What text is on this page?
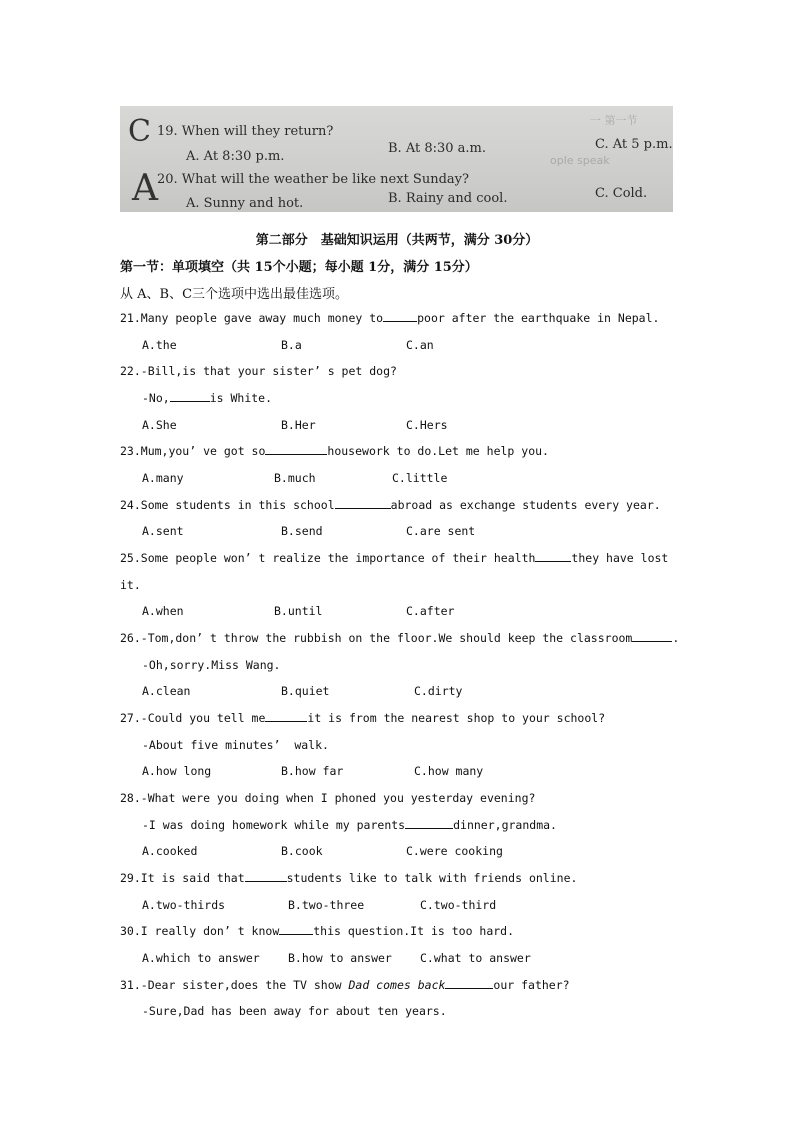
一 第一节
ople speak
C 19. When will they return?
A. At 8:30 p.m.
B. At 8:30 a.m.	C. At 5 p.m.
A 20. What will the weather be like next Sunday?
A. Sunny and hot.	B. Rainy and cool.	C. Cold.
第二部分　基础知识运用（共两节，满分 30分）
第一节：单项填空（共 15个小题；每小题 1分，满分 15分）
从 A、B、C三个选项中选出最佳选项。
21.Many people gave away much money to	poor after the earthquake in Nepal.
A.the	B.a	C.an
22.-Bill,is that your sister’ s pet dog?
-No,	is White.
A.She	B.Her	C.Hers
23.Mum,you’ ve got so	housework to do.Let me help you.
A.many	B.much	C.little
24.Some students in this school	abroad as exchange students every year.
A.sent	B.send	C.are sent
25.Some people won’ t realize the importance of their health	they have lost
it.
A.when	B.until	C.after
26.-Tom,don’ t throw the rubbish on the floor.We should keep the classroom	.
-Oh,sorry.Miss Wang.
A.clean	B.quiet	C.dirty
27.-Could you tell me	it is from the nearest shop to your school?
-About five minutes’  walk.
A.how long	B.how far	C.how many
28.-What were you doing when I phoned you yesterday evening?
-I was doing homework while my parents	dinner,grandma.
A.cooked	B.cook	C.were cooking
29.It is said that	students like to talk with friends online.
A.two-thirds	B.two-three	C.two-third
30.I really don’ t know	this question.It is too hard.
A.which to answer B.how to answer C.what to answer
31.-Dear sister,does the TV show Dad comes back	our father?
-Sure,Dad has been away for about ten years.
